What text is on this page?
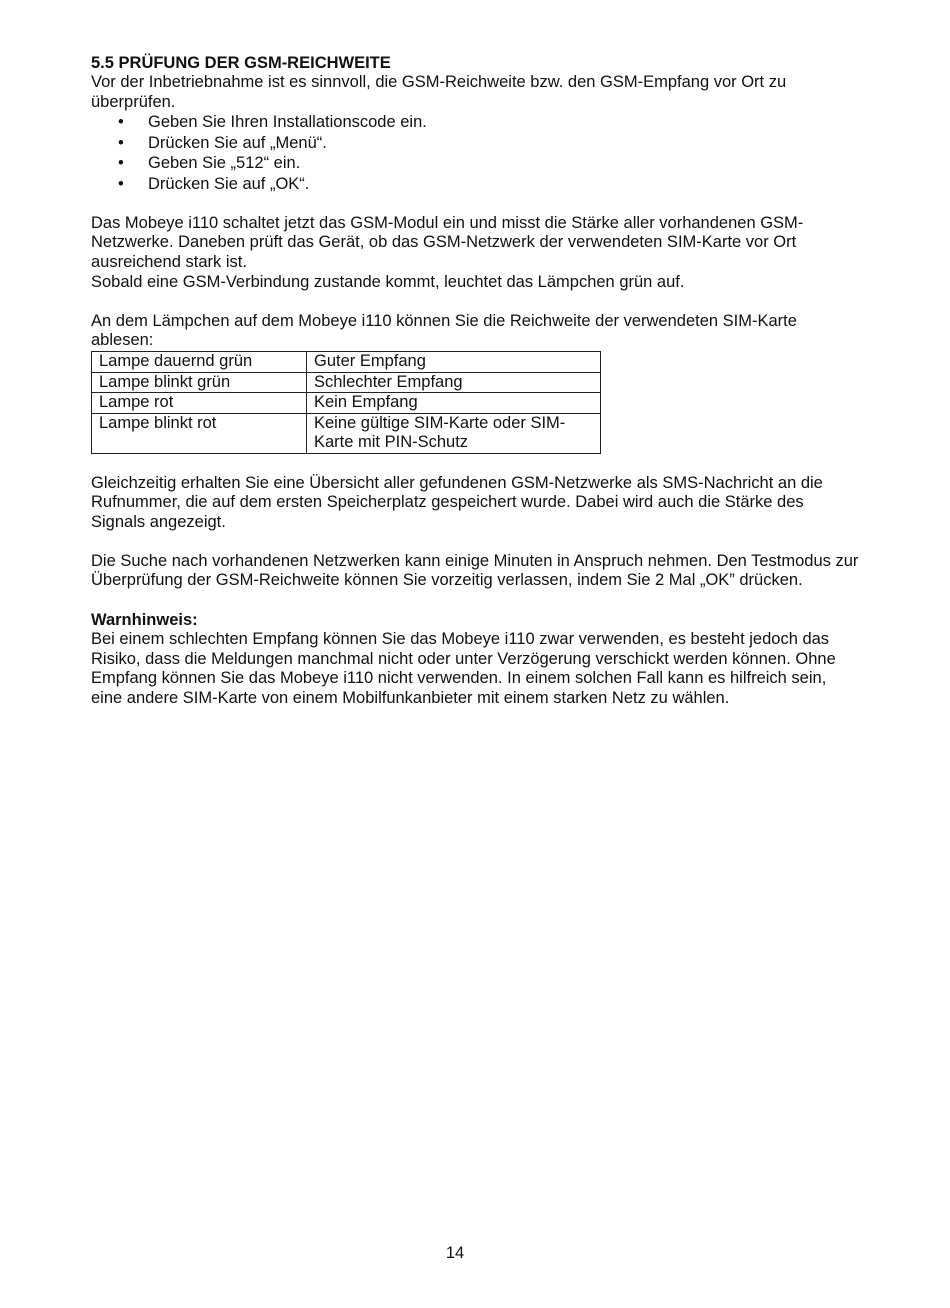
5.5 PRÜFUNG DER GSM-REICHWEITE

Vor der Inbetriebnahme ist es sinnvoll, die GSM-Reichweite bzw. den GSM-Empfang vor Ort zu überprüfen.

• Geben Sie Ihren Installationscode ein.
• Drücken Sie auf „Menü“.
• Geben Sie „512“ ein.
• Drücken Sie auf „OK“.

Das Mobeye i110 schaltet jetzt das GSM-Modul ein und misst die Stärke aller vorhandenen GSM-Netzwerke. Daneben prüft das Gerät, ob das GSM-Netzwerk der verwendeten SIM-Karte vor Ort ausreichend stark ist.

Sobald eine GSM-Verbindung zustande kommt, leuchtet das Lämpchen grün auf.

An dem Lämpchen auf dem Mobeye i110 können Sie die Reichweite der verwendeten SIM-Karte ablesen:

Lampe dauernd grün	Guter Empfang
Lampe blinkt grün	Schlechter Empfang
Lampe rot	Kein Empfang
Lampe blinkt rot	Keine gültige SIM-Karte oder SIM-Karte mit PIN-Schutz

Gleichzeitig erhalten Sie eine Übersicht aller gefundenen GSM-Netzwerke als SMS-Nachricht an die Rufnummer, die auf dem ersten Speicherplatz gespeichert wurde. Dabei wird auch die Stärke des Signals angezeigt.

Die Suche nach vorhandenen Netzwerken kann einige Minuten in Anspruch nehmen. Den Testmodus zur Überprüfung der GSM-Reichweite können Sie vorzeitig verlassen, indem Sie 2 Mal „OK” drücken.

Warnhinweis:

Bei einem schlechten Empfang können Sie das Mobeye i110 zwar verwenden, es besteht jedoch das Risiko, dass die Meldungen manchmal nicht oder unter Verzögerung verschickt werden können. Ohne Empfang können Sie das Mobeye i110 nicht verwenden. In einem solchen Fall kann es hilfreich sein, eine andere SIM-Karte von einem Mobilfunkanbieter mit einem starken Netz zu wählen.

14
